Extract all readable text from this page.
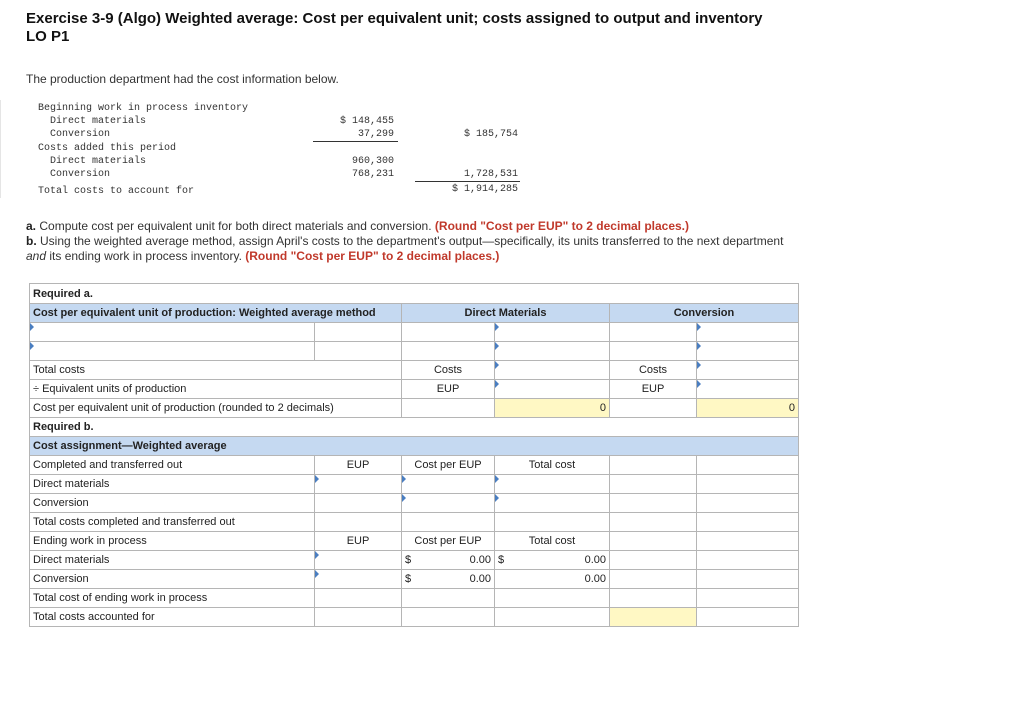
Exercise 3-9 (Algo) Weighted average: Cost per equivalent unit; costs assigned to output and inventory
LO P1
The production department had the cost information below.
Beginning work in process inventory
Direct materials	$ 148,455
Conversion	37,299	$ 185,754
Costs added this period
Direct materials	960,300
Conversion	768,231	1,728,531
Total costs to account for	$ 1,914,285
a. Compute cost per equivalent unit for both direct materials and conversion. (Round "Cost per EUP" to 2 decimal places.)
b. Using the weighted average method, assign April's costs to the department's output—specifically, its units transferred to the next department and its ending work in process inventory. (Round "Cost per EUP" to 2 decimal places.)
Required a.					
Cost per equivalent unit of production: Weighted average method		Direct Materials		Conversion	

Total costs		Costs		Costs	
÷ Equivalent units of production		EUP		EUP	
Cost per equivalent unit of production (rounded to 2 decimals)			0		0
Required b.					
Cost assignment—Weighted average					
Completed and transferred out	EUP	Cost per EUP	Total cost		
Direct materials					
Conversion					
Total costs completed and transferred out					
Ending work in process	EUP	Cost per EUP	Total cost		
Direct materials		$ 0.00	$ 0.00		

Conversion		$ 0.00	0.00		
Total cost of ending work in process					
Total costs accounted for					
